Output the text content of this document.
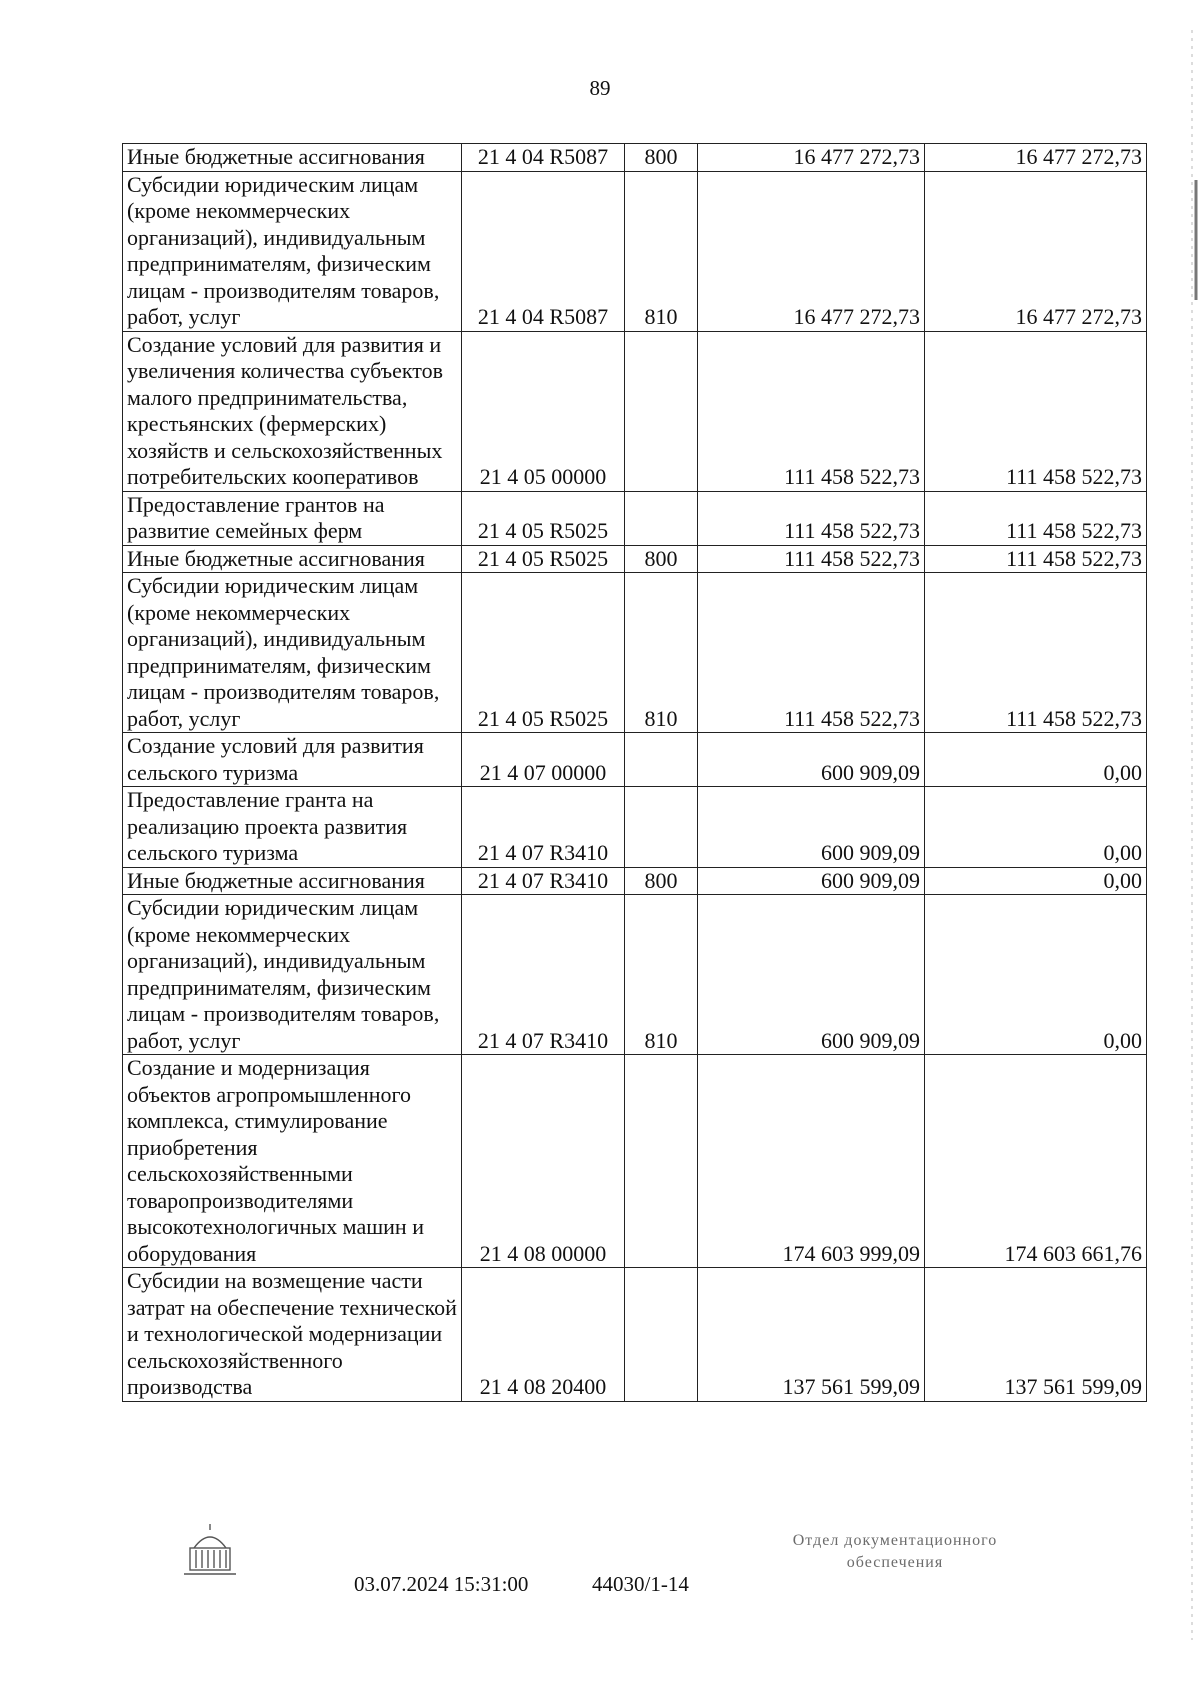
89
Иные бюджетные ассигнования	21 4 04 R5087	800	16 477 272,73	16 477 272,73
Субсидии юридическим лицам (кроме некоммерческих организаций), индивидуальным предпринимателям, физическим лицам - производителям товаров, работ, услуг	21 4 04 R5087	810	16 477 272,73	16 477 272,73
Создание условий для развития и увеличения количества субъектов малого предпринимательства, крестьянских (фермерских) хозяйств и сельскохозяйственных потребительских кооперативов	21 4 05 00000		111 458 522,73	111 458 522,73
Предоставление грантов на развитие семейных ферм	21 4 05 R5025		111 458 522,73	111 458 522,73
Иные бюджетные ассигнования	21 4 05 R5025	800	111 458 522,73	111 458 522,73
Субсидии юридическим лицам (кроме некоммерческих организаций), индивидуальным предпринимателям, физическим лицам - производителям товаров, работ, услуг	21 4 05 R5025	810	111 458 522,73	111 458 522,73
Создание условий для развития сельского туризма	21 4 07 00000		600 909,09	0,00
Предоставление гранта на реализацию проекта развития сельского туризма	21 4 07 R3410		600 909,09	0,00
Иные бюджетные ассигнования	21 4 07 R3410	800	600 909,09	0,00
Субсидии юридическим лицам (кроме некоммерческих организаций), индивидуальным предпринимателям, физическим лицам - производителям товаров, работ, услуг	21 4 07 R3410	810	600 909,09	0,00
Создание и модернизация объектов агропромышленного комплекса, стимулирование приобретения сельскохозяйственными товаропроизводителями высокотехнологичных машин и оборудования	21 4 08 00000		174 603 999,09	174 603 661,76
Субсидии на возмещение части затрат на обеспечение технической и технологической модернизации сельскохозяйственного производства	21 4 08 20400		137 561 599,09	137 561 599,09
03.07.2024 15:31:00	44030/1-14
Отдел документационного
обеспечения
